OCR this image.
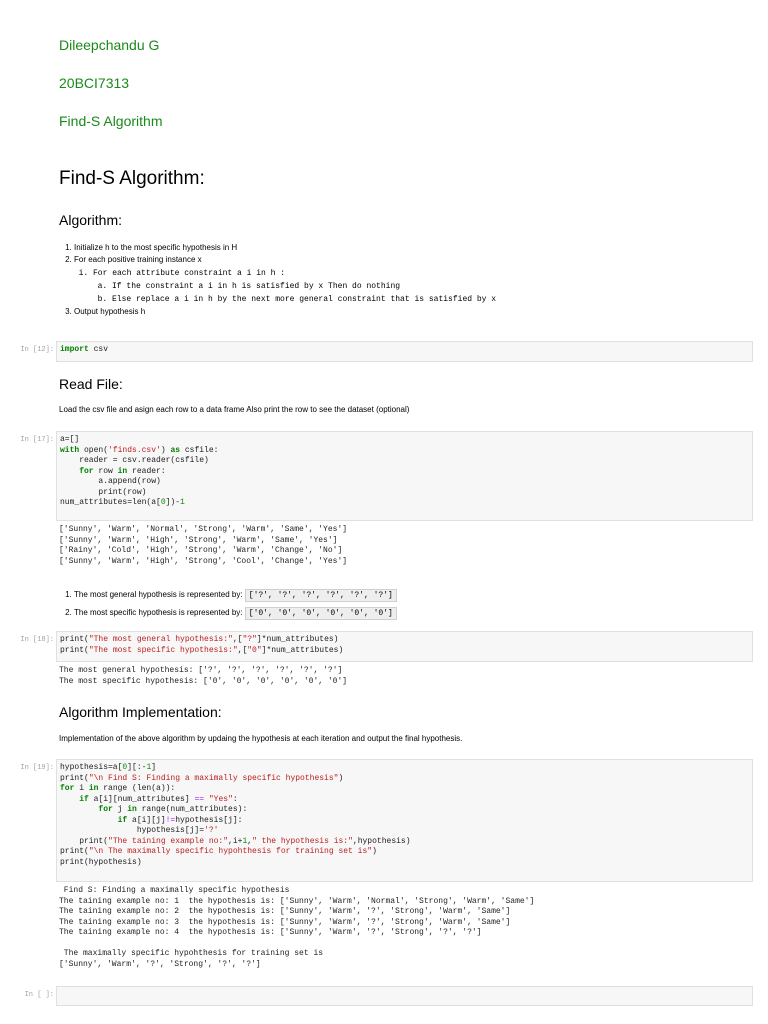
Dileepchandu G
20BCI7313
Find-S Algorithm
Find-S Algorithm:
Algorithm:
1. Initialize h to the most specific hypothesis in H
2. For each positive training instance x
i. For each attribute constraint a i in h :
a. If the constraint a i in h is satisfied by x Then do nothing
b. Else replace a i in h by the next more general constraint that is satisfied by x
3. Output hypothesis h
In [12]: import csv
Read File:
Load the csv file and asign each row to a data frame Also print the row to see the dataset (optional)
In [17]: a=[]
with open('finds.csv') as csfile:
reader = csv.reader(csfile)
for row in reader:
a.append(row)
print(row)
num_attributes=len(a[0])-1
['Sunny', 'Warm', 'Normal', 'Strong', 'Warm', 'Same', 'Yes']
['Sunny', 'Warm', 'High', 'Strong', 'Warm', 'Same', 'Yes']
['Rainy', 'Cold', 'High', 'Strong', 'Warm', 'Change', 'No']
['Sunny', 'Warm', 'High', 'Strong', 'Cool', 'Change', 'Yes']
1. The most general hypothesis is represented by: ['?', '?', '?', '?', '?', '?']
2. The most specific hypothesis is represented by: ['0', '0', '0', '0', '0', '0']
In [18]: print("The most general hypothesis:",["?"]*num_attributes)
print("The most specific hypothesis:",["0"]*num_attributes)
The most general hypothesis: ['?', '?', '?', '?', '?', '?']
The most specific hypothesis: ['0', '0', '0', '0', '0', '0']
Algorithm Implementation:
Implementation of the above algorithm by updaing the hypothesis at each iteration and output the final hypothesis.
In [19]: hypothesis=a[0][:-1]
print("\n Find S: Finding a maximally specific hypothesis")
for i in range (len(a)):
if a[i][num_attributes] == "Yes":
for j in range(num_attributes):
if a[i][j]!=hypothesis[j]:
hypothesis[j]='?'
print("The taining example no:",i+1," the hypothesis is:",hypothesis)
print("\n The maximally specific hypohthesis for training set is")
print(hypothesis)
Find S: Finding a maximally specific hypothesis
The taining example no: 1  the hypothesis is: ['Sunny', 'Warm', 'Normal', 'Strong', 'Warm', 'Same']
The taining example no: 2  the hypothesis is: ['Sunny', 'Warm', '?', 'Strong', 'Warm', 'Same']
The taining example no: 3  the hypothesis is: ['Sunny', 'Warm', '?', 'Strong', 'Warm', 'Same']
The taining example no: 4  the hypothesis is: ['Sunny', 'Warm', '?', 'Strong', '?', '?']

The maximally specific hypohthesis for training set is
['Sunny', 'Warm', '?', 'Strong', '?', '?']
In [ ]:
